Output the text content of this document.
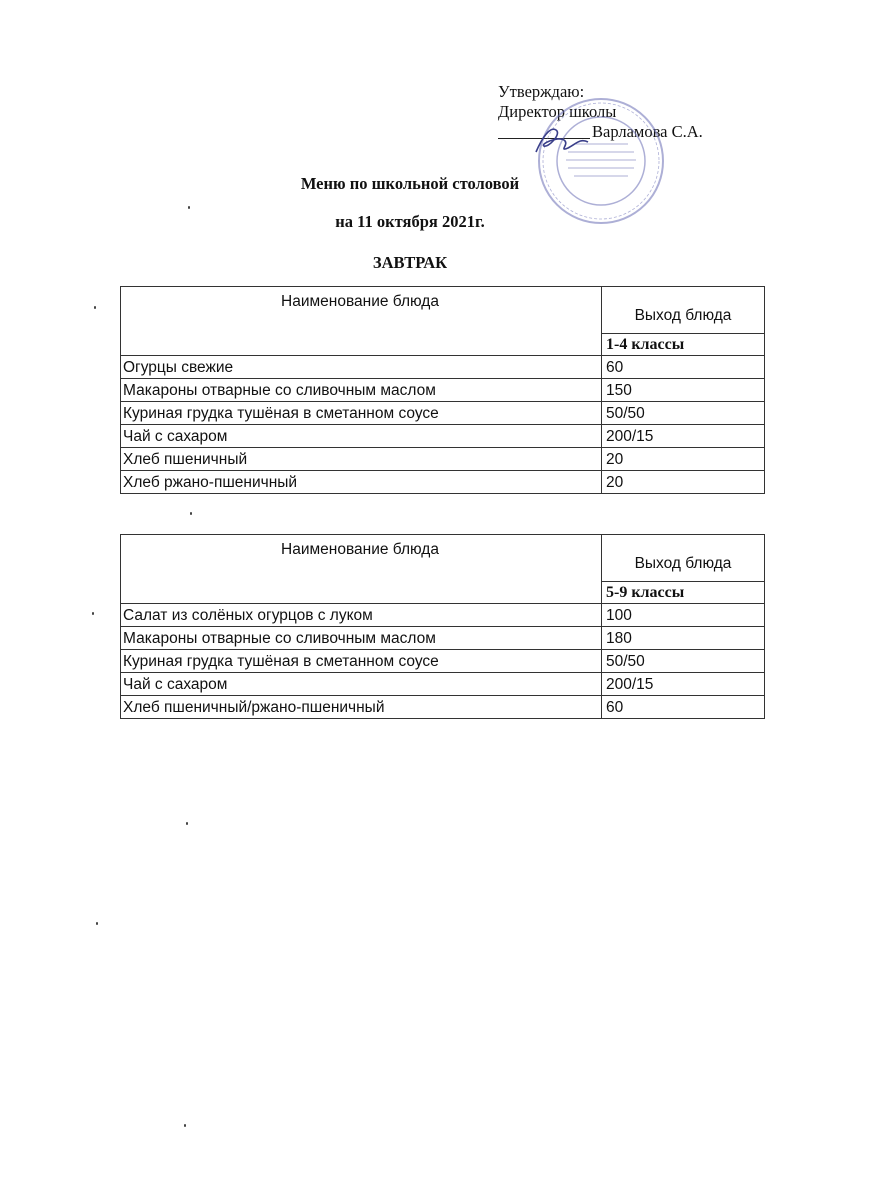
Утверждаю:
Директор школы
Варламова С.А.
Меню по школьной столовой
на 11 октября 2021г.
ЗАВТРАК
Наименование блюда	Выход блюда
	1-4 классы
Огурцы свежие	60
Макароны отварные со сливочным маслом	150
Куриная грудка тушёная в сметанном соусе	50/50
Чай с сахаром	200/15
Хлеб пшеничный	20
Хлеб ржано-пшеничный	20
Наименование блюда	Выход блюда
	5-9 классы
Салат из солёных огурцов с луком	100
Макароны отварные со сливочным маслом	180
Куриная грудка тушёная в сметанном соусе	50/50
Чай с сахаром	200/15
Хлеб пшеничный/ржано-пшеничный	60
